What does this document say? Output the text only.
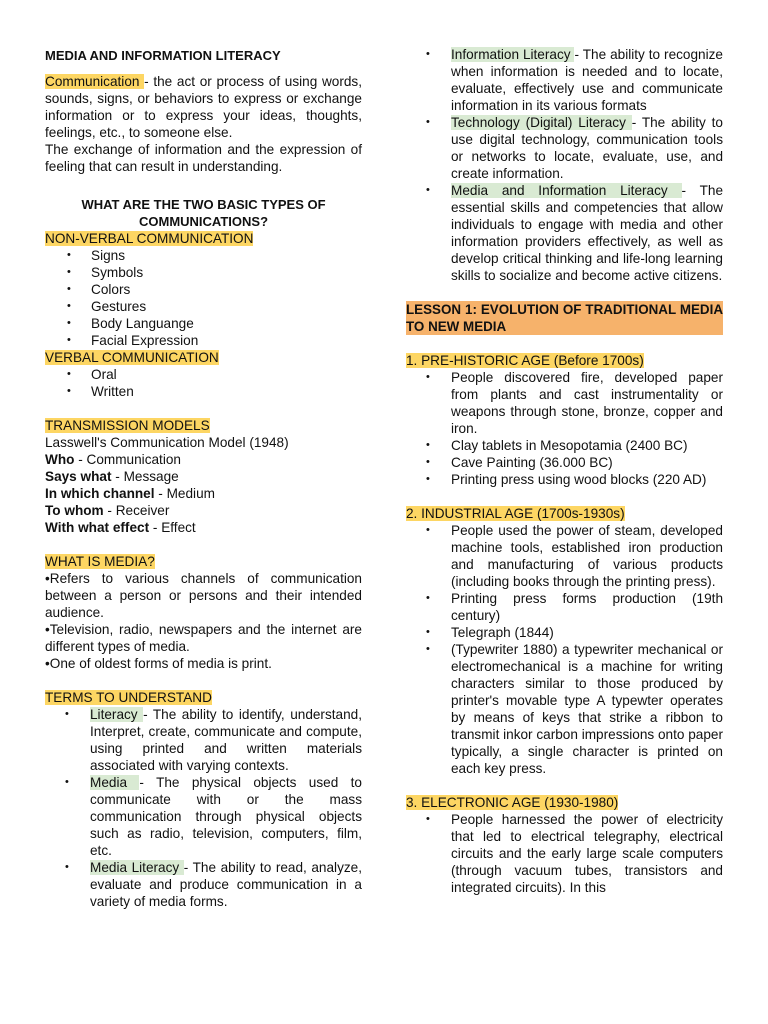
MEDIA AND INFORMATION LITERACY

Communication - the act or process of using words, sounds, signs, or behaviors to express or exchange information or to express your ideas, thoughts, feelings, etc., to someone else.

The exchange of information and the expression of feeling that can result in understanding.

WHAT ARE THE TWO BASIC TYPES OF COMMUNICATIONS?

NON-VERBAL COMMUNICATION

• Signs
• Symbols
• Colors
• Gestures
• Body Languange
• Facial Expression

VERBAL COMMUNICATION

• Oral
• Written

TRANSMISSION MODELS

Lasswell's Communication Model (1948)

Who - Communication

Says what - Message

In which channel - Medium

To whom - Receiver

With what effect - Effect

WHAT IS MEDIA?

•Refers to various channels of communication between a person or persons and their intended audience.

•Television, radio, newspapers and the internet are different types of media.

•One of oldest forms of media is print.

TERMS TO UNDERSTAND

• Literacy - The ability to identify, understand, Interpret, create, communicate and compute, using printed and written materials associated with varying contexts.
• Media - The physical objects used to communicate with or the mass communication through physical objects such as radio, television, computers, film, etc.
• Media Literacy - The ability to read, analyze, evaluate and produce communication in a variety of media forms.
• Information Literacy - The ability to recognize when information is needed and to locate, evaluate, effectively use and communicate information in its various formats
• Technology (Digital) Literacy - The ability to use digital technology, communication tools or networks to locate, evaluate, use, and create information.
• Media and Information Literacy - The essential skills and competencies that allow individuals to engage with media and other information providers effectively, as well as develop critical thinking and life-long learning skills to socialize and become active citizens.

LESSON 1: EVOLUTION OF TRADITIONAL MEDIA TO NEW MEDIA

1. PRE-HISTORIC AGE (Before 1700s)

• People discovered fire, developed paper from plants and cast instrumentality or weapons through stone, bronze, copper and iron.
• Clay tablets in Mesopotamia (2400 BC)
• Cave Painting (36.000 BC)
• Printing press using wood blocks (220 AD)

2. INDUSTRIAL AGE (1700s-1930s)

• People used the power of steam, developed machine tools, established iron production and manufacturing of various products (including books through the printing press).
• Printing press forms production (19th century)
• Telegraph (1844)
• (Typewriter 1880) a typewriter mechanical or electromechanical is a machine for writing characters similar to those produced by printer's movable type A typewter operates by means of keys that strike a ribbon to transmit inkor carbon impressions onto paper typically, a single character is printed on each key press.

3. ELECTRONIC AGE (1930-1980)

• People harnessed the power of electricity that led to electrical telegraphy, electrical circuits and the early large scale computers (through vacuum tubes, transistors and integrated circuits). In this
